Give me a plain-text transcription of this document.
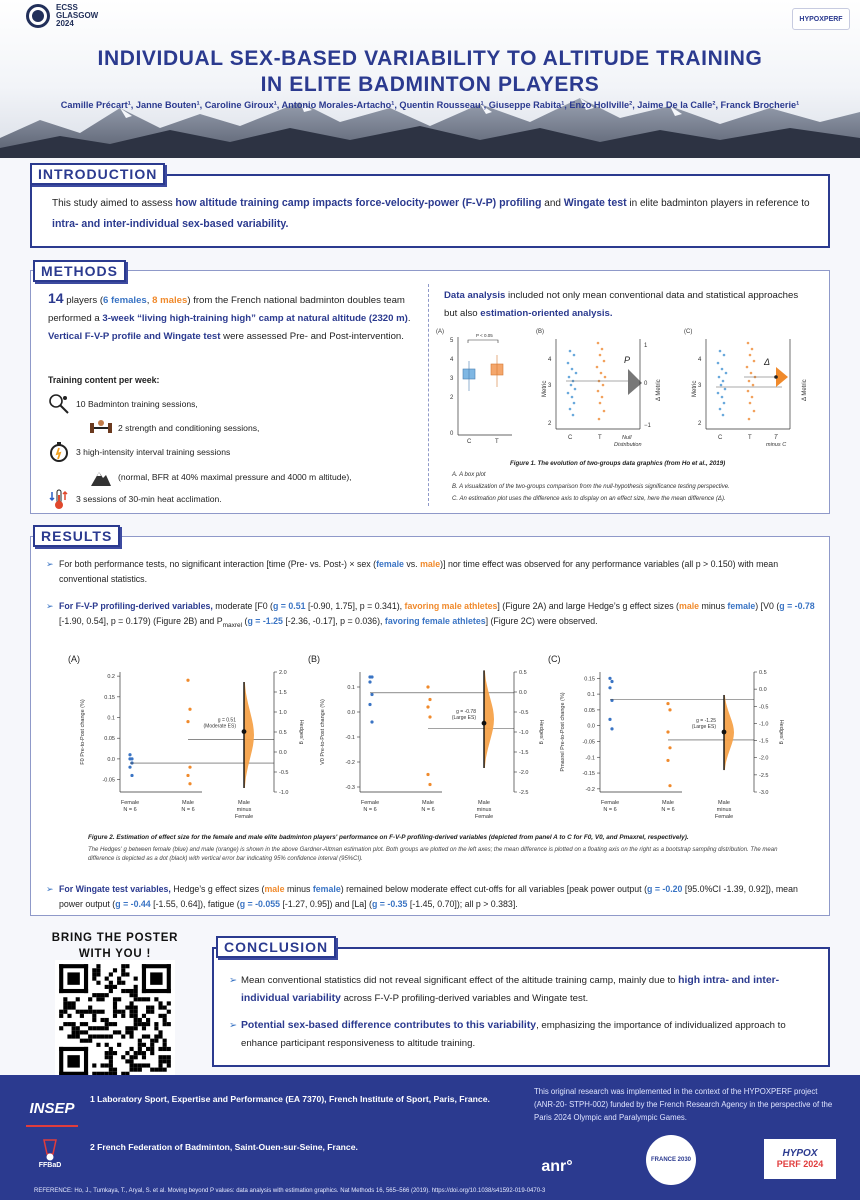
ECSS
GLASGOW
2024	HYPOXPERF
INDIVIDUAL SEX-BASED VARIABILITY TO ALTITUDE TRAINING
IN ELITE BADMINTON PLAYERS
Camille Précart¹, Janne Bouten¹, Caroline Giroux¹, Antonio Morales-Artacho¹, Quentin Rousseau¹, Giuseppe Rabita¹, Enzo Hollville², Jaime De la Calle², Franck Brocherie¹
INTRODUCTION
This study aimed to assess how altitude training camp impacts force-velocity-power (F-V-P) profiling and Wingate test in elite badminton players in reference to intra- and inter-individual sex-based variability.
METHODS
14 players (6 females, 8 males) from the French national badminton doubles team performed a 3-week “living high-training high” camp at natural altitude (2320 m). Vertical F-V-P profile and Wingate test were assessed Pre- and Post-intervention.
Training content per week:
10 Badminton training sessions,
2 strength and conditioning sessions,
3 high-intensity interval training sessions
(normal, BFR at 40% maximal pressure and 4000 m altitude),
3 sessions of 30-min heat acclimation.
Data analysis included not only mean conventional data and statistical approaches but also estimation-oriented analysis.
(A)
5
4
3
2
0
P < 0.05
C	T
(B)
Metric
4
3
2
P
1
0
−1
Δ Metric
C	T	Null
Distribution
(C)
Metric
4
3
2
Δ
Δ Metric
C	T	T
minus C
Figure 1. The evolution of two-groups data graphics (from Ho et al., 2019)
A. A box plot
B. A visualization of the two-groups comparison from the null-hypothesis significance testing perspective.
C. An estimation plot uses the difference axis to display on an effect size, here the mean difference (Δ).
RESULTS
➢ For both performance tests, no significant interaction [time (Pre- vs. Post-) × sex (female vs. male)] nor time effect was observed for any performance variables (all p > 0.150) with mean conventional statistics.
➢ For F-V-P profiling-derived variables, moderate [F0 (g = 0.51 [-0.90, 1.75], p = 0.341), favoring male athletes] (Figure 2A) and large Hedge’s g effect sizes (male minus female) [V0 (g = -0.78 [-1.90, 0.54], p = 0.179) (Figure 2B) and $P_{maxrel}$ (g = -1.25 [-2.36, -0.17], p = 0.036), favoring female athletes] (Figure 2C) were observed.
(A)
-0.05
0.0
0.05
0.1
0.15
0.2
F0 Pre-to-Post change (%)
-1.0
-0.5
0.0
0.5
1.0
1.5
2.0
Hedges' g
g = 0.51
(Moderate ES)
Female
N = 6
Male
N = 6
Male
minus
Female
(B)
-0.3
-0.2
-0.1
0.0
0.1
V0 Pre-to-Post change (%)
-2.5
-2.0
-1.5
-1.0
-0.5
0.0
0.5
Hedges' g
g = -0.78
(Large ES)
Female
N = 6
Male
N = 6
Male
minus
Female
(C)
-0.2
-0.15
-0.1
-0.05
0.0
0.05
0.1
0.15
Pmaxrel Pre-to-Post change (%)
-3.0
-2.5
-2.0
-1.5
-1.0
-0.5
0.0
0.5
Hedges' g
g = -1.25
(Large ES)
Female
N = 6
Male
N = 6
Male
minus
Female
Figure 2. Estimation of effect size for the female and male elite badminton players' performance on F-V-P profiling-derived variables (depicted from panel A to C for F0, V0, and Pmaxrel, respectively).
The Hedges' g between female (blue) and male (orange) is shown in the above Gardner-Altman estimation plot. Both groups are plotted on the left axes; the mean difference is plotted on a floating axis on the right as a bootstrap sampling distribution. The mean difference is depicted as a dot (black) with vertical error bar indicating 95% confidence interval (95%CI).
➢ For Wingate test variables, Hedge’s g effect sizes (male minus female) remained below moderate effect cut-offs for all variables [peak power output (g = -0.20 [95.0%CI -1.39, 0.92]), mean power output (g = -0.44 [-1.55, 0.64]), fatigue (g = -0.055 [-1.27, 0.95]) and [La] (g = -0.35 [-1.45, 0.70]); all p > 0.383].
BRING THE POSTER
WITH YOU !	CONCLUSION
➢ Mean conventional statistics did not reveal significant effect of the altitude training camp, mainly due to high intra- and inter-individual variability across F-V-P profiling-derived variables and Wingate test.
➢ Potential sex-based difference contributes to this variability, emphasizing the importance of individualized approach to enhance participant responsiveness to altitude training.
INSEP
FFBaD
1 Laboratory Sport, Expertise and Performance (EA 7370), French Institute of Sport, Paris, France.
2 French Federation of Badminton, Saint-Ouen-sur-Seine, France.
This original research was implemented in the context of the HYPOXPERF project (ANR-20- STPH-002) funded by the French Research Agency in the perspective of the Paris 2024 Olympic and Paralympic Games.
anr°	FRANCE 2030
HYPOX
PERF 2024
REFERENCE: Ho, J., Tumkaya, T., Aryal, S. et al. Moving beyond P values: data analysis with estimation graphics. Nat Methods 16, 565–566 (2019). https://doi.org/10.1038/s41592-019-0470-3
